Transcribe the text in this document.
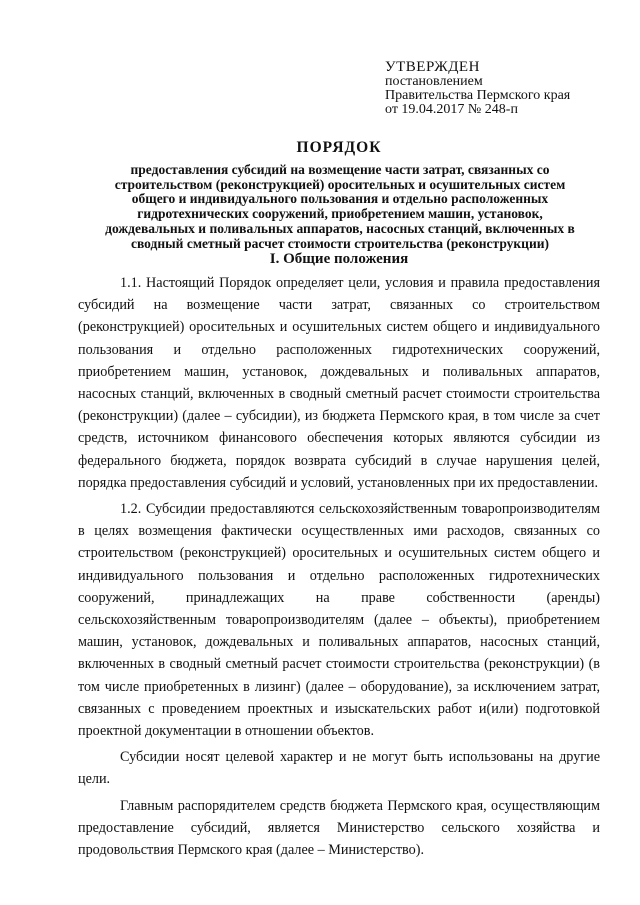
УТВЕРЖДЕН
постановлением
Правительства Пермского края
от 19.04.2017 № 248-п
ПОРЯДОК
предоставления субсидий на возмещение части затрат, связанных со строительством (реконструкцией) оросительных и осушительных систем общего и индивидуального пользования и отдельно расположенных гидротехнических сооружений, приобретением машин, установок, дождевальных и поливальных аппаратов, насосных станций, включенных в сводный сметный расчет стоимости строительства (реконструкции)
I. Общие положения

1.1. Настоящий Порядок определяет цели, условия и правила предоставления субсидий на возмещение части затрат, связанных со строительством (реконструкцией) оросительных и осушительных систем общего и индивидуального пользования и отдельно расположенных гидротехнических сооружений, приобретением машин, установок, дождевальных и поливальных аппаратов, насосных станций, включенных в сводный сметный расчет стоимости строительства (реконструкции) (далее – субсидии), из бюджета Пермского края, в том числе за счет средств, источником финансового обеспечения которых являются субсидии из федерального бюджета, порядок возврата субсидий в случае нарушения целей, порядка предоставления субсидий и условий, установленных при их предоставлении.

1.2. Субсидии предоставляются сельскохозяйственным товаропроизводителям в целях возмещения фактически осуществленных ими расходов, связанных со строительством (реконструкцией) оросительных и осушительных систем общего и индивидуального пользования и отдельно расположенных гидротехнических сооружений, принадлежащих на праве собственности (аренды) сельскохозяйственным товаропроизводителям (далее – объекты), приобретением машин, установок, дождевальных и поливальных аппаратов, насосных станций, включенных в сводный сметный расчет стоимости строительства (реконструкции) (в том числе приобретенных в лизинг) (далее – оборудование), за исключением затрат, связанных с проведением проектных и изыскательских работ и(или) подготовкой проектной документации в отношении объектов.

Субсидии носят целевой характер и не могут быть использованы на другие цели.

Главным распорядителем средств бюджета Пермского края, осуществляющим предоставление субсидий, является Министерство сельского хозяйства и продовольствия Пермского края (далее – Министерство).
